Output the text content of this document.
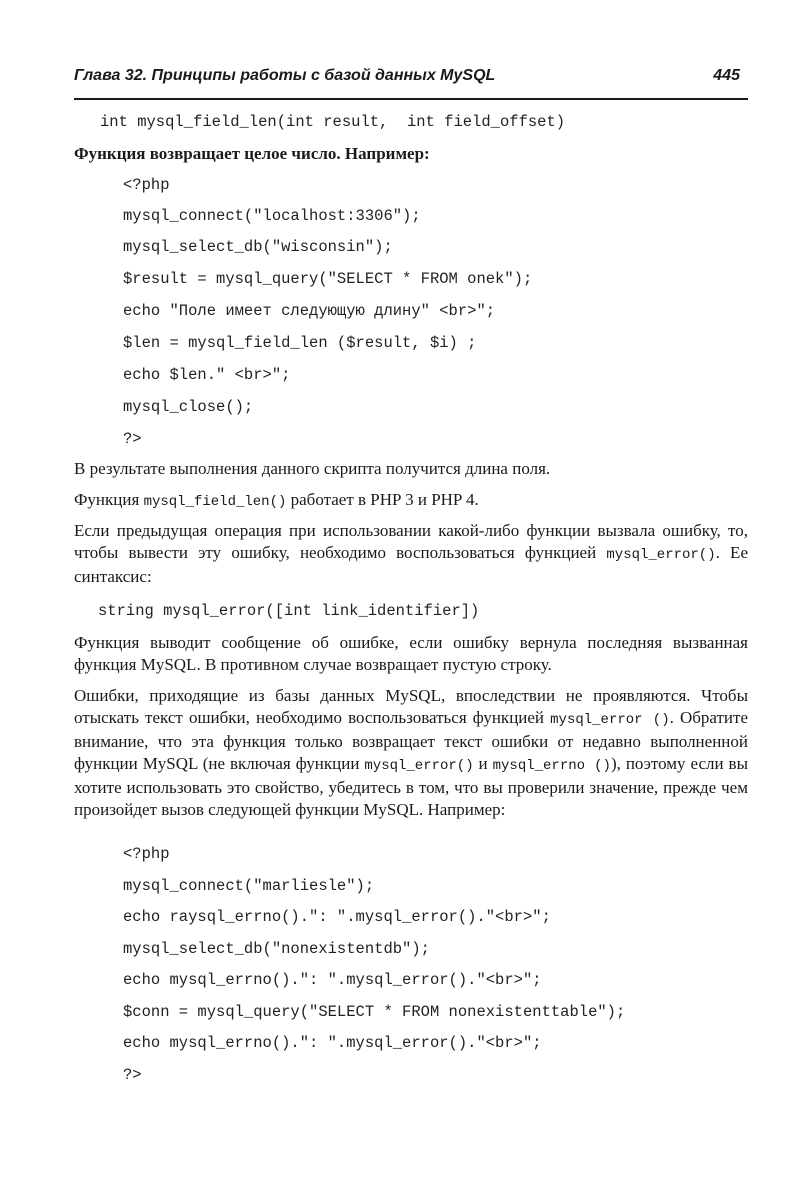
Глава 32. Принципы работы с базой данных MySQL	445
int mysql_field_len(int result,  int field_offset)
Функция возвращает целое число. Например:
<?php
mysql_connect("localhost:3306");
mysql_select_db("wisconsin");
$result = mysql_query("SELECT * FROM onek");
echo "Поле имеет следующую длину" <br>";
$len = mysql_field_len ($result, $i) ;
echo $len." <br>";
mysql_close();
?>
В результате выполнения данного скрипта получится длина поля.
Функция mysql_field_len() работает в PHP 3 и PHP 4.
Если предыдущая операция при использовании какой-либо функции вызвала ошибку, то, чтобы вывести эту ошибку, необходимо воспользоваться функцией mysql_error(). Ее синтаксис:
string mysql_error([int link_identifier])
Функция выводит сообщение об ошибке, если ошибку вернула последняя вызванная функция MySQL. В противном случае возвращает пустую строку.
Ошибки, приходящие из базы данных MySQL, впоследствии не проявляются. Чтобы отыскать текст ошибки, необходимо воспользоваться функцией mysql_error (). Обратите внимание, что эта функция только возвращает текст ошибки от недавно выполненной функции MySQL (не включая функции mysql_error() и mysql_errno ()), поэтому если вы хотите использовать это свойство, убедитесь в том, что вы проверили значение, прежде чем произойдет вызов следующей функции MySQL. Например:
<?php
mysql_connect("marliesle");
echo raysql_errno().": ".mysql_error()."<br>";
mysql_select_db("nonexistentdb");
echo mysql_errno().": ".mysql_error()."<br>";
$conn = mysql_query("SELECT * FROM nonexistenttable");
echo mysql_errno().": ".mysql_error()."<br>";
?>
